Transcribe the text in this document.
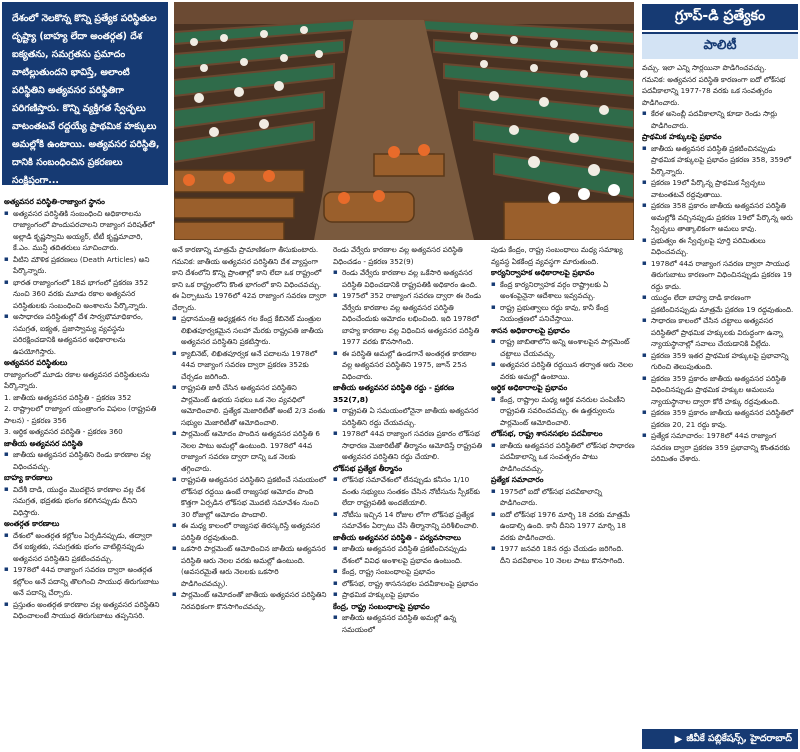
దేశంలో నెలకొన్న కొన్ని ప్రత్యేక పరిస్థితుల దృష్ట్యా (బాహ్య లేదా అంతర్గత) దేశ ఐక్యతను, సమగ్రతను ప్రమాదం వాటిల్లుతుందని భావిస్తే, అలాంటి పరిస్థితిని అత్యవసర పరిస్థితిగా పరిగణిస్తారు. కొన్ని వ్యక్తిగత స్వేచ్ఛలు వాటంతటవే రద్దయ్యే ప్రాథమిక హక్కులు అమల్లోకి ఉంటాయి. అత్యవసర పరిస్థితి, దానికి సంబంధించిన ప్రకరణలు సంక్షిప్తంగా...

గ్రూప్-డి ప్రత్యేకం
పాలిటీ

అత్యవసర పరిస్థితి-రాజ్యాంగ స్థానం

▪ అత్యవసర పరిస్థితికి సంబంధించి అధికారాలను రాజ్యాంగంలో పొందుపరచాలని రాజ్యాంగ పరిషత్‌లో అల్లాడి కృష్ణస్వామి అయ్యర్, టీటీ కృష్ణమాచారి, కే.ఎం. మున్షీ తదితరులు సూచించారు.

▪ వీటిని మౌళిక ప్రకరణలు (Death Articles) అని పేర్కొన్నారు.

▪ భారత రాజ్యాంగంలో 18వ భాగంలో ప్రకరణ 352 నుంచి 360 వరకు మూడు రకాల అత్యవసర పరిస్థితులకు సంబంధించి అంశాలను పేర్కొన్నారు.

▪ అసాధారణ పరిస్థితుల్లో దేశ సార్వభౌమాధికారం, సమగ్రత, ఐక్యత, ప్రజాస్వామ్య వ్యవస్థను పరిరక్షించడానికి అత్యవసర అధికారాలను ఉపయోగిస్తారు.

అత్యవసర పరిస్థితులు

రాజ్యాంగంలో మూడు రకాల అత్యవసర పరిస్థితులను పేర్కొన్నారు.

1. జాతీయ అత్యవసర పరిస్థితి - ప్రకరణ 352

2. రాష్ట్రాలలో రాజ్యాంగ యంత్రాంగం విఫలం (రాష్ట్రపతి పాలన) - ప్రకరణ 356

3. ఆర్థిక అత్యవసర పరిస్థితి - ప్రకరణ 360

జాతీయ అత్యవసర పరిస్థితి

▪ జాతీయ అత్యవసర పరిస్థితిని రెండు కారణాల వల్ల విధించవచ్చు.

బాహ్య కారణాలు

▪ విదేశీ దాడి, యుద్ధం మొదలైన కారణాల వల్ల దేశ సమగ్రత, భద్రతకు భంగం కలిగినప్పుడు దీనిని విధిస్తారు.

అంతర్గత కారణాలు

▪ దేశంలో అంతర్గత కల్లోలం ఏర్పడినప్పుడు, తద్వారా దేశ ఐక్యతకు, సమగ్రతకు భంగం వాటిల్లినప్పుడు అత్యవసర పరిస్థితిని ప్రకటించవచ్చు.

▪ 1978లో 44వ రాజ్యాంగ సవరణ ద్వారా అంతర్గత కల్లోలం అనే పదాన్ని తొలగించి సాయుధ తిరుగుబాటు అనే పదాన్ని చేర్చారు.

▪ ప్రస్తుతం అంతర్గత కారణాల వల్ల అత్యవసర పరిస్థితిని విధించాలంటే సాయుధ తిరుగుబాటు తప్పనిసరి.

అనే కారణాన్ని మాత్రమే ప్రామాణికంగా తీసుకుంటారు.

గమనిక: జాతీయ అత్యవసర పరిస్థితిని దేశ వ్యాప్తంగా కాని దేశంలోని కొన్ని ప్రాంతాల్లో కాని లేదా ఒక రాష్ట్రంలో కాని ఒక రాష్ట్రంలోని కొంత భాగంలో కాని విధించవచ్చు. ఈ ఏర్పాటును 1976లో 42వ రాజ్యాంగ సవరణ ద్వారా చేర్చారు.

▪ ప్రధానమంత్రి అధ్యక్షతన గల కేంద్ర కేబినెట్ మంత్రుల లిఖితపూర్వకమైన సలహా మేరకు రాష్ట్రపతి జాతీయ అత్యవసర పరిస్థితిని ప్రకటిస్తారు.

▪ క్యాబినెట్, లిఖితపూర్వక అనే పదాలను 1978లో 44వ రాజ్యాంగ సవరణ ద్వారా ప్రకరణ 352కు చేర్చడం జరిగింది.

▪ రాష్ట్రపతి జారీ చేసిన అత్యవసర పరిస్థితిని పార్లమెంట్ ఉభయ సభలు ఒక నెల వ్యవధిలో ఆమోదించాలి. ప్రత్యేక మెజారిటీతో అంటే 2/3 వంతు సభ్యుల మెజారిటీతో ఆమోదించాలి.

▪ పార్లమెంట్ ఆమోదం పొందిన అత్యవసర పరిస్థితి 6 నెలల పాటు అమల్లో ఉంటుంది. 1978లో 44వ రాజ్యాంగ సవరణ ద్వారా దాన్ని ఒక నెలకు తగ్గించారు.

▪ రాష్ట్రపతి అత్యవసర పరిస్థితిని ప్రకటించే సమయంలో లోక్‌సభ రద్దయి ఉంటే రాజ్యసభ ఆమోదం పొంది కొత్తగా ఏర్పడిన లోక్‌సభ మొదటి సమావేశం నుంచి 30 రోజుల్లో ఆమోదం పొందాలి.

▪ ఈ మధ్య కాలంలో రాజ్యసభ తిరస్కరిస్తే అత్యవసర పరిస్థితి రద్దవుతుంది.

▪ ఒకసారి పార్లమెంట్ ఆమోదించిన జాతీయ అత్యవసర పరిస్థితి ఆరు నెలల వరకు అమల్లో ఉంటుంది. (అవసరమైతే ఆరు నెలలకు ఒకసారి పొడిగించవచ్చు).

▪ పార్లమెంట్ ఆమోదంతో జాతీయ అత్యవసర పరిస్థితిని నిరవధికంగా కొనసాగించవచ్చు.

రెండు వేర్వేరు కారణాల వల్ల అత్యవసర పరిస్థితి విధించడం - ప్రకరణ 352(9)

▪ రెండు వేర్వేరు కారణాల వల్ల ఒకేసారి అత్యవసర పరిస్థితి విధించడానికి రాష్ట్రపతికి అధికారం ఉంది.

▪ 1975లో 352 రాజ్యాంగ సవరణ ద్వారా ఈ రెండు వేర్వేరు కారణాల వల్ల అత్యవసర పరిస్థితి విధించేందుకు ఆమోదం లభించింది. ఇది 1978లో బాహ్య కారణాల వల్ల విధించిన అత్యవసర పరిస్థితి 1977 వరకు కొనసాగింది.

▪ ఈ పరిస్థితి అమల్లో ఉండగానే అంతర్గత కారణాల వల్ల అత్యవసర పరిస్థితిని 1975, జూన్ 25న విధించారు.

జాతీయ అత్యవసర పరిస్థితి రద్దు - ప్రకరణ 352(7,8)

▪ రాష్ట్రపతి ఏ సమయంలోనైనా జాతీయ అత్యవసర పరిస్థితిని రద్దు చేయవచ్చు.

▪ 1978లో 44వ రాజ్యాంగ సవరణ ప్రకారం లోక్‌సభ సాధారణ మెజారిటీతో తీర్మానం ఆమోదిస్తే రాష్ట్రపతి అత్యవసర పరిస్థితిని రద్దు చేయాలి.

లోక్‌సభ ప్రత్యేక తీర్మానం

▪ లోక్‌సభ సమావేశంలో లేనప్పుడు కనీసం 1/10 వంతు సభ్యులు సంతకం చేసిన నోటీసును స్పీకర్‌కు లేదా రాష్ట్రపతికి అందజేయాలి.

▪ నోటీసు ఇచ్చిన 14 రోజుల లోగా లోక్‌సభ ప్రత్యేక సమావేశం ఏర్పాటు చేసి తీర్మానాన్ని పరిశీలించాలి.

జాతీయ అత్యవసర పరిస్థితి - పర్యవసానాలు

▪ జాతీయ అత్యవసర పరిస్థితి ప్రకటించినప్పుడు దేశంలో వివిధ అంశాలపై ప్రభావం ఉంటుంది.

▪ కేంద్ర, రాష్ట్ర సంబంధాలపై ప్రభావం

▪ లోక్‌సభ, రాష్ట్ర శాసనసభల పదవీకాలంపై ప్రభావం

▪ ప్రాథమిక హక్కులపై ప్రభావం

కేంద్ర, రాష్ట్ర సంబంధాలపై ప్రభావం

▪ జాతీయ అత్యవసర పరిస్థితి అమల్లో ఉన్న సమయంలో

పుడు కేంద్రం, రాష్ట్ర సంబంధాలు మధ్య సమాఖ్య వ్యవస్థ ఏకకేంద్ర వ్యవస్థగా మారుతుంది.

కార్యనిర్వాహక అధికారాలపై ప్రభావం

▪ కేంద్ర కార్యనిర్వాహక వర్గం రాష్ట్రాలకు ఏ అంశంపైనైనా ఆదేశాలు ఇవ్వవచ్చు.

▪ రాష్ట్ర ప్రభుత్వాలు రద్దు కావు, కానీ కేంద్ర నియంత్రణలో పనిచేస్తాయి.

శాసన అధికారాలపై ప్రభావం

▪ రాష్ట్ర జాబితాలోని అన్ని అంశాలపైన పార్లమెంట్ చట్టాలు చేయవచ్చు.

▪ అత్యవసర పరిస్థితి రద్దయిన తర్వాత ఆరు నెలల వరకు అమల్లో ఉంటాయి.

ఆర్థిక అధికారాలపై ప్రభావం

▪ కేంద్ర, రాష్ట్రాల మధ్య ఆర్థిక వనరుల పంపిణీని రాష్ట్రపతి సవరించవచ్చు. ఈ ఉత్తర్వులను పార్లమెంట్ ఆమోదించాలి.

లోక్‌సభ, రాష్ట్ర శాసనసభల పదవీకాలం

▪ జాతీయ అత్యవసర పరిస్థితిలో లోక్‌సభ సాధారణ పదవీకాలాన్ని ఒక సంవత్సరం పాటు పొడిగించవచ్చు.

ప్రత్యేక సమాచారం

▪ 1975లో ఐదో లోక్‌సభ పదవీకాలాన్ని పొడిగించారు.

▪ ఐదో లోక్‌సభ 1976 మార్చి 18 వరకు మాత్రమే ఉండాల్సి ఉంది. కానీ దీనిని 1977 మార్చి 18 వరకు పొడిగించారు.

▪ 1977 జనవరి 18న రద్దు చేయడం జరిగింది. దీని పదవీకాలం 10 నెలల పాటు కొనసాగింది.

వచ్చు. ఇలా ఎన్ని సార్లయినా పొడిగించవచ్చు.

గమనిక: అత్యవసర పరిస్థితి కారణంగా ఐదో లోక్‌సభ పదవీకాలాన్ని 1977-78 వరకు ఒక సంవత్సరం పొడిగించారు.

▪ కేరళ అసెంబ్లీ పదవీకాలాన్ని కూడా రెండు సార్లు పొడిగించారు.

ప్రాథమిక హక్కులపై ప్రభావం

▪ జాతీయ అత్యవసర పరిస్థితి ప్రకటించినప్పుడు ప్రాథమిక హక్కులపై ప్రభావం ప్రకరణ 358, 359లో పేర్కొన్నారు.

▪ ప్రకరణ 19లో పేర్కొన్న ప్రాథమిక స్వేచ్ఛలు వాటంతటవే రద్దవుతాయి.

▪ ప్రకరణ 358 ప్రకారం జాతీయ అత్యవసర పరిస్థితి అమల్లోకి వచ్చినప్పుడు ప్రకరణ 19లో పేర్కొన్న ఆరు స్వేచ్ఛలు తాత్కాలికంగా అమలు కావు.

▪ ప్రభుత్వం ఈ స్వేచ్ఛలపై పూర్తి పరిమితులు విధించవచ్చు.

▪ 1978లో 44వ రాజ్యాంగ సవరణ ద్వారా సాయుధ తిరుగుబాటు కారణంగా విధించినప్పుడు ప్రకరణ 19 రద్దు కాదు.

▪ యుద్ధం లేదా బాహ్య దాడి కారణంగా ప్రకటించినప్పుడు మాత్రమే ప్రకరణ 19 రద్దవుతుంది.

▪ సాధారణ కాలంలో చేసిన చట్టాలు అత్యవసర పరిస్థితిలో ప్రాథమిక హక్కులకు విరుద్ధంగా ఉన్నా న్యాయస్థానాల్లో సవాలు చేయడానికి వీల్లేదు.

▪ ప్రకరణ 359 ఇతర ప్రాథమిక హక్కులపై ప్రభావాన్ని గురించి తెలుపుతుంది.

▪ ప్రకరణ 359 ప్రకారం జాతీయ అత్యవసర పరిస్థితి విధించినప్పుడు ప్రాథమిక హక్కుల అమలును న్యాయస్థానాల ద్వారా కోరే హక్కు రద్దవుతుంది.

▪ ప్రకరణ 359 ప్రకారం జాతీయ అత్యవసర పరిస్థితిలో ప్రకరణ 20, 21 రద్దు కావు.

▪ ప్రత్యేక సమాచారం: 1978లో 44వ రాజ్యాంగ సవరణ ద్వారా ప్రకరణ 359 ప్రభావాన్ని కొంతవరకు పరిమితం చేశారు.

▶ జీవీకే పబ్లికేషన్స్, హైదరాబాద్
